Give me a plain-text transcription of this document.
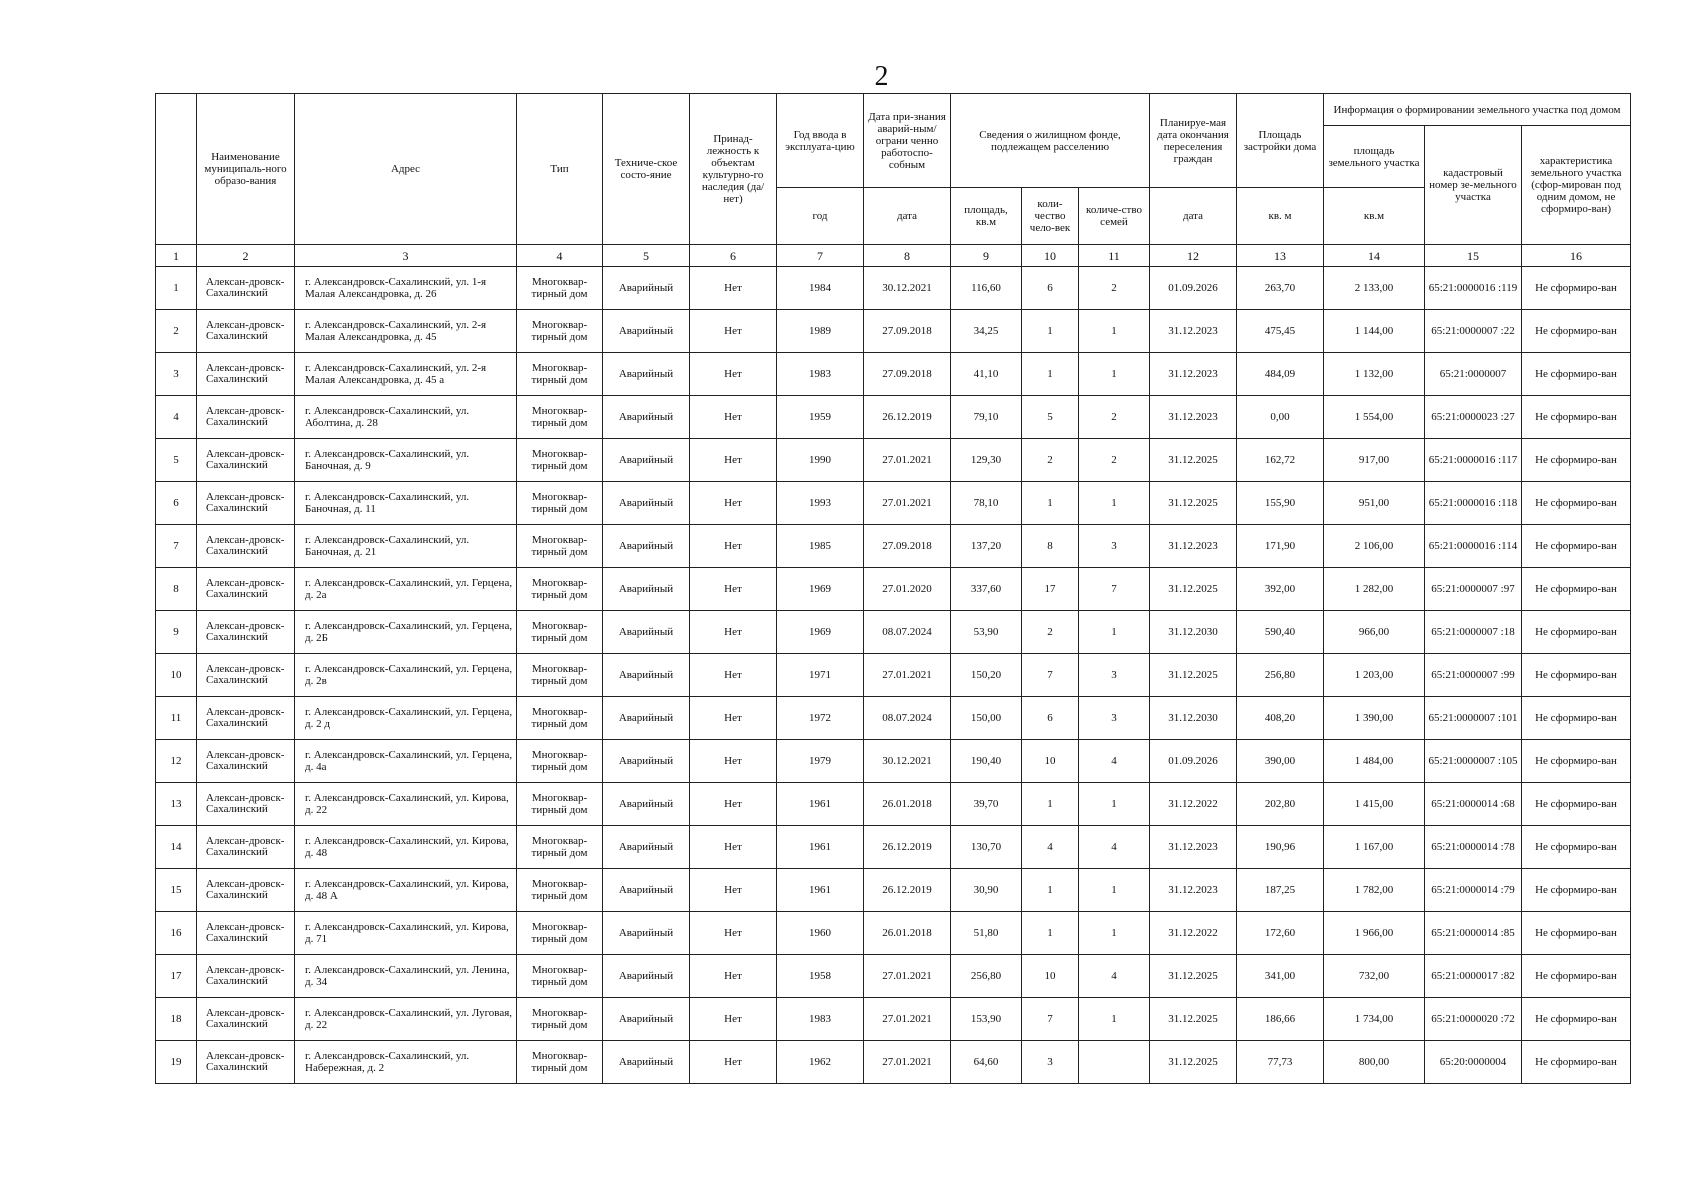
2
	Наименование муниципаль-ного образо-вания	Адрес	Тип	Техниче-ское состо-яние	Принад-лежность к объектам культурно-го наследия (да/нет)	Год ввода в эксплуата-цию	Дата при-знания аварий-ным/ограни ченно работоспо-собным	Сведения о жилищном фонде, подлежащем расселению			Планируе-мая дата окончания переселения граждан	Площадь застройки дома	Информация о формировании земельного участка под домом		
													площадь земельного участка	кадастровый номер зе-мельного участка	характеристика земельного участка (сфор-мирован под одним домом, не сформиро-ван)
						год	дата	площадь, кв.м	коли-чество чело-век	количе-ство семей	дата	кв. м	кв.м		
1	2	3	4	5	6	7	8	9	10	11	12	13	14	15	16
1	Алексан-дровск-Сахалинский	г. Александровск-Сахалинский, ул. 1-я Малая Александровка, д. 26	Многоквар-тирный дом	Аварийный	Нет	1984	30.12.2021	116,60	6	2	01.09.2026	263,70	2 133,00	65:21:0000016 :119	Не сформиро-ван
2	Алексан-дровск-Сахалинский	г. Александровск-Сахалинский, ул. 2-я Малая Александровка, д. 45	Многоквар-тирный дом	Аварийный	Нет	1989	27.09.2018	34,25	1	1	31.12.2023	475,45	1 144,00	65:21:0000007 :22	Не сформиро-ван
3	Алексан-дровск-Сахалинский	г. Александровск-Сахалинский, ул. 2-я Малая Александровка, д. 45 а	Многоквар-тирный дом	Аварийный	Нет	1983	27.09.2018	41,10	1	1	31.12.2023	484,09	1 132,00	65:21:0000007	Не сформиро-ван
4	Алексан-дровск-Сахалинский	г. Александровск-Сахалинский, ул. Аболтина, д. 28	Многоквар-тирный дом	Аварийный	Нет	1959	26.12.2019	79,10	5	2	31.12.2023	0,00	1 554,00	65:21:0000023 :27	Не сформиро-ван
5	Алексан-дровск-Сахалинский	г. Александровск-Сахалинский, ул. Баночная, д. 9	Многоквар-тирный дом	Аварийный	Нет	1990	27.01.2021	129,30	2	2	31.12.2025	162,72	917,00	65:21:0000016 :117	Не сформиро-ван
6	Алексан-дровск-Сахалинский	г. Александровск-Сахалинский, ул. Баночная, д. 11	Многоквар-тирный дом	Аварийный	Нет	1993	27.01.2021	78,10	1	1	31.12.2025	155,90	951,00	65:21:0000016 :118	Не сформиро-ван
7	Алексан-дровск-Сахалинский	г. Александровск-Сахалинский, ул. Баночная, д. 21	Многоквар-тирный дом	Аварийный	Нет	1985	27.09.2018	137,20	8	3	31.12.2023	171,90	2 106,00	65:21:0000016 :114	Не сформиро-ван
8	Алексан-дровск-Сахалинский	г. Александровск-Сахалинский, ул. Герцена, д. 2а	Многоквар-тирный дом	Аварийный	Нет	1969	27.01.2020	337,60	17	7	31.12.2025	392,00	1 282,00	65:21:0000007 :97	Не сформиро-ван
9	Алексан-дровск-Сахалинский	г. Александровск-Сахалинский, ул. Герцена, д. 2Б	Многоквар-тирный дом	Аварийный	Нет	1969	08.07.2024	53,90	2	1	31.12.2030	590,40	966,00	65:21:0000007 :18	Не сформиро-ван
10	Алексан-дровск-Сахалинский	г. Александровск-Сахалинский, ул. Герцена, д. 2в	Многоквар-тирный дом	Аварийный	Нет	1971	27.01.2021	150,20	7	3	31.12.2025	256,80	1 203,00	65:21:0000007 :99	Не сформиро-ван
11	Алексан-дровск-Сахалинский	г. Александровск-Сахалинский, ул. Герцена, д. 2 д	Многоквар-тирный дом	Аварийный	Нет	1972	08.07.2024	150,00	6	3	31.12.2030	408,20	1 390,00	65:21:0000007 :101	Не сформиро-ван
12	Алексан-дровск-Сахалинский	г. Александровск-Сахалинский, ул. Герцена, д. 4а	Многоквар-тирный дом	Аварийный	Нет	1979	30.12.2021	190,40	10	4	01.09.2026	390,00	1 484,00	65:21:0000007 :105	Не сформиро-ван
13	Алексан-дровск-Сахалинский	г. Александровск-Сахалинский, ул. Кирова, д. 22	Многоквар-тирный дом	Аварийный	Нет	1961	26.01.2018	39,70	1	1	31.12.2022	202,80	1 415,00	65:21:0000014 :68	Не сформиро-ван
14	Алексан-дровск-Сахалинский	г. Александровск-Сахалинский, ул. Кирова, д. 48	Многоквар-тирный дом	Аварийный	Нет	1961	26.12.2019	130,70	4	4	31.12.2023	190,96	1 167,00	65:21:0000014 :78	Не сформиро-ван
15	Алексан-дровск-Сахалинский	г. Александровск-Сахалинский, ул. Кирова, д. 48 А	Многоквар-тирный дом	Аварийный	Нет	1961	26.12.2019	30,90	1	1	31.12.2023	187,25	1 782,00	65:21:0000014 :79	Не сформиро-ван
16	Алексан-дровск-Сахалинский	г. Александровск-Сахалинский, ул. Кирова, д. 71	Многоквар-тирный дом	Аварийный	Нет	1960	26.01.2018	51,80	1	1	31.12.2022	172,60	1 966,00	65:21:0000014 :85	Не сформиро-ван
17	Алексан-дровск-Сахалинский	г. Александровск-Сахалинский, ул. Ленина, д. 34	Многоквар-тирный дом	Аварийный	Нет	1958	27.01.2021	256,80	10	4	31.12.2025	341,00	732,00	65:21:0000017 :82	Не сформиро-ван
18	Алексан-дровск-Сахалинский	г. Александровск-Сахалинский, ул. Луговая, д. 22	Многоквар-тирный дом	Аварийный	Нет	1983	27.01.2021	153,90	7	1	31.12.2025	186,66	1 734,00	65:21:0000020 :72	Не сформиро-ван
19	Алексан-дровск-Сахалинский	г. Александровск-Сахалинский, ул. Набережная, д. 2	Многоквар-тирный дом	Аварийный	Нет	1962	27.01.2021	64,60	3		31.12.2025	77,73	800,00	65:20:0000004	Не сформиро-ван
